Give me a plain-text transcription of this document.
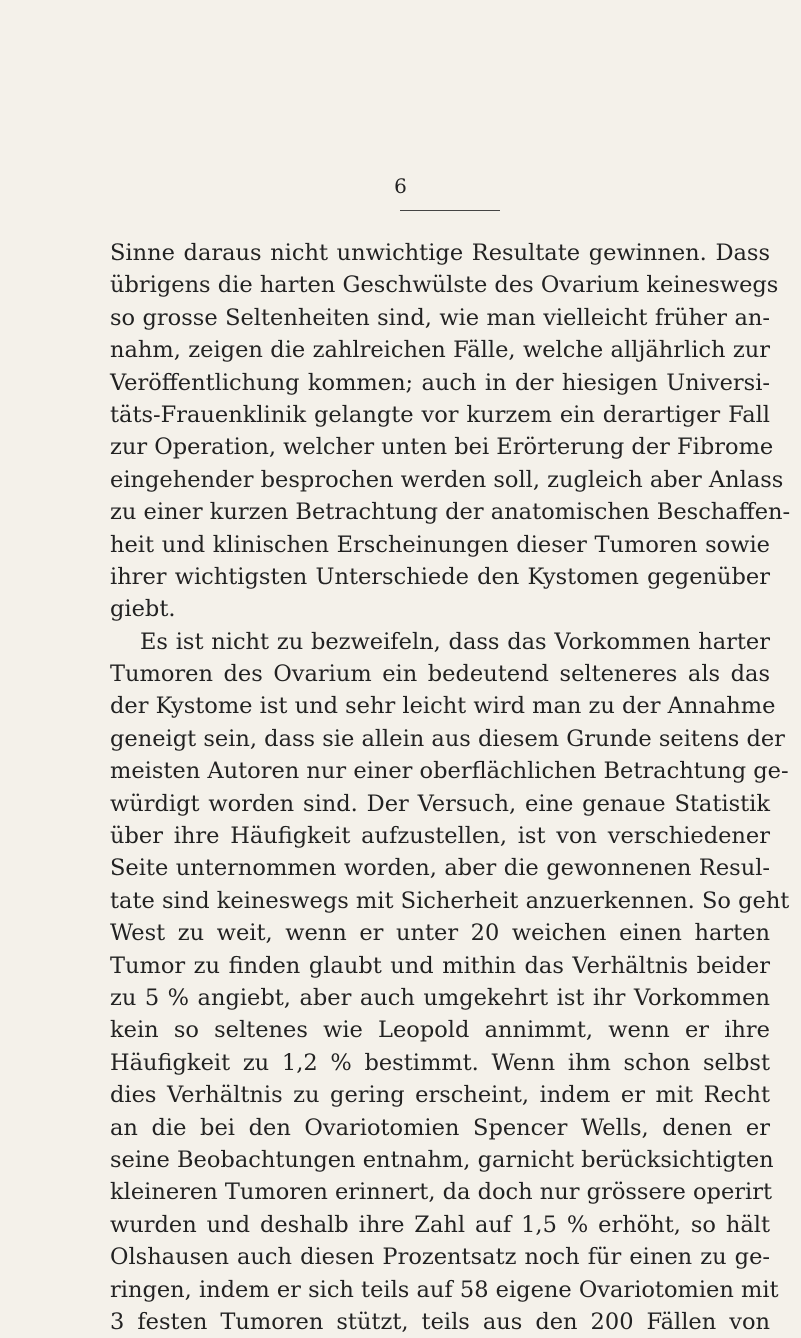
6
Sinne daraus nicht unwichtige Resultate gewinnen. Dass
übrigens die harten Geschwülste des Ovarium keineswegs
so grosse Seltenheiten sind, wie man vielleicht früher an-
nahm, zeigen die zahlreichen Fälle, welche alljährlich zur
Veröffentlichung kommen; auch in der hiesigen Universi-
täts-Frauenklinik gelangte vor kurzem ein derartiger Fall
zur Operation, welcher unten bei Erörterung der Fibrome
eingehender besprochen werden soll, zugleich aber Anlass
zu einer kurzen Betrachtung der anatomischen Beschaffen-
heit und klinischen Erscheinungen dieser Tumoren sowie
ihrer wichtigsten Unterschiede den Kystomen gegenüber
giebt.
Es ist nicht zu bezweifeln, dass das Vorkommen harter
Tumoren des Ovarium ein bedeutend selteneres als das
der Kystome ist und sehr leicht wird man zu der Annahme
geneigt sein, dass sie allein aus diesem Grunde seitens der
meisten Autoren nur einer oberflächlichen Betrachtung ge-
würdigt worden sind. Der Versuch, eine genaue Statistik
über ihre Häufigkeit aufzustellen, ist von verschiedener
Seite unternommen worden, aber die gewonnenen Resul-
tate sind keineswegs mit Sicherheit anzuerkennen. So geht
West zu weit, wenn er unter 20 weichen einen harten
Tumor zu finden glaubt und mithin das Verhältnis beider
zu 5 % angiebt, aber auch umgekehrt ist ihr Vorkommen
kein so seltenes wie Leopold annimmt, wenn er ihre
Häufigkeit zu 1,2 % bestimmt. Wenn ihm schon selbst
dies Verhältnis zu gering erscheint, indem er mit Recht
an die bei den Ovariotomien Spencer Wells, denen er
seine Beobachtungen entnahm, garnicht berücksichtigten
kleineren Tumoren erinnert, da doch nur grössere operirt
wurden und deshalb ihre Zahl auf 1,5 % erhöht, so hält
Olshausen auch diesen Prozentsatz noch für einen zu ge-
ringen, indem er sich teils auf 58 eigene Ovariotomien mit
3 festen Tumoren stützt, teils aus den 200 Fällen von
